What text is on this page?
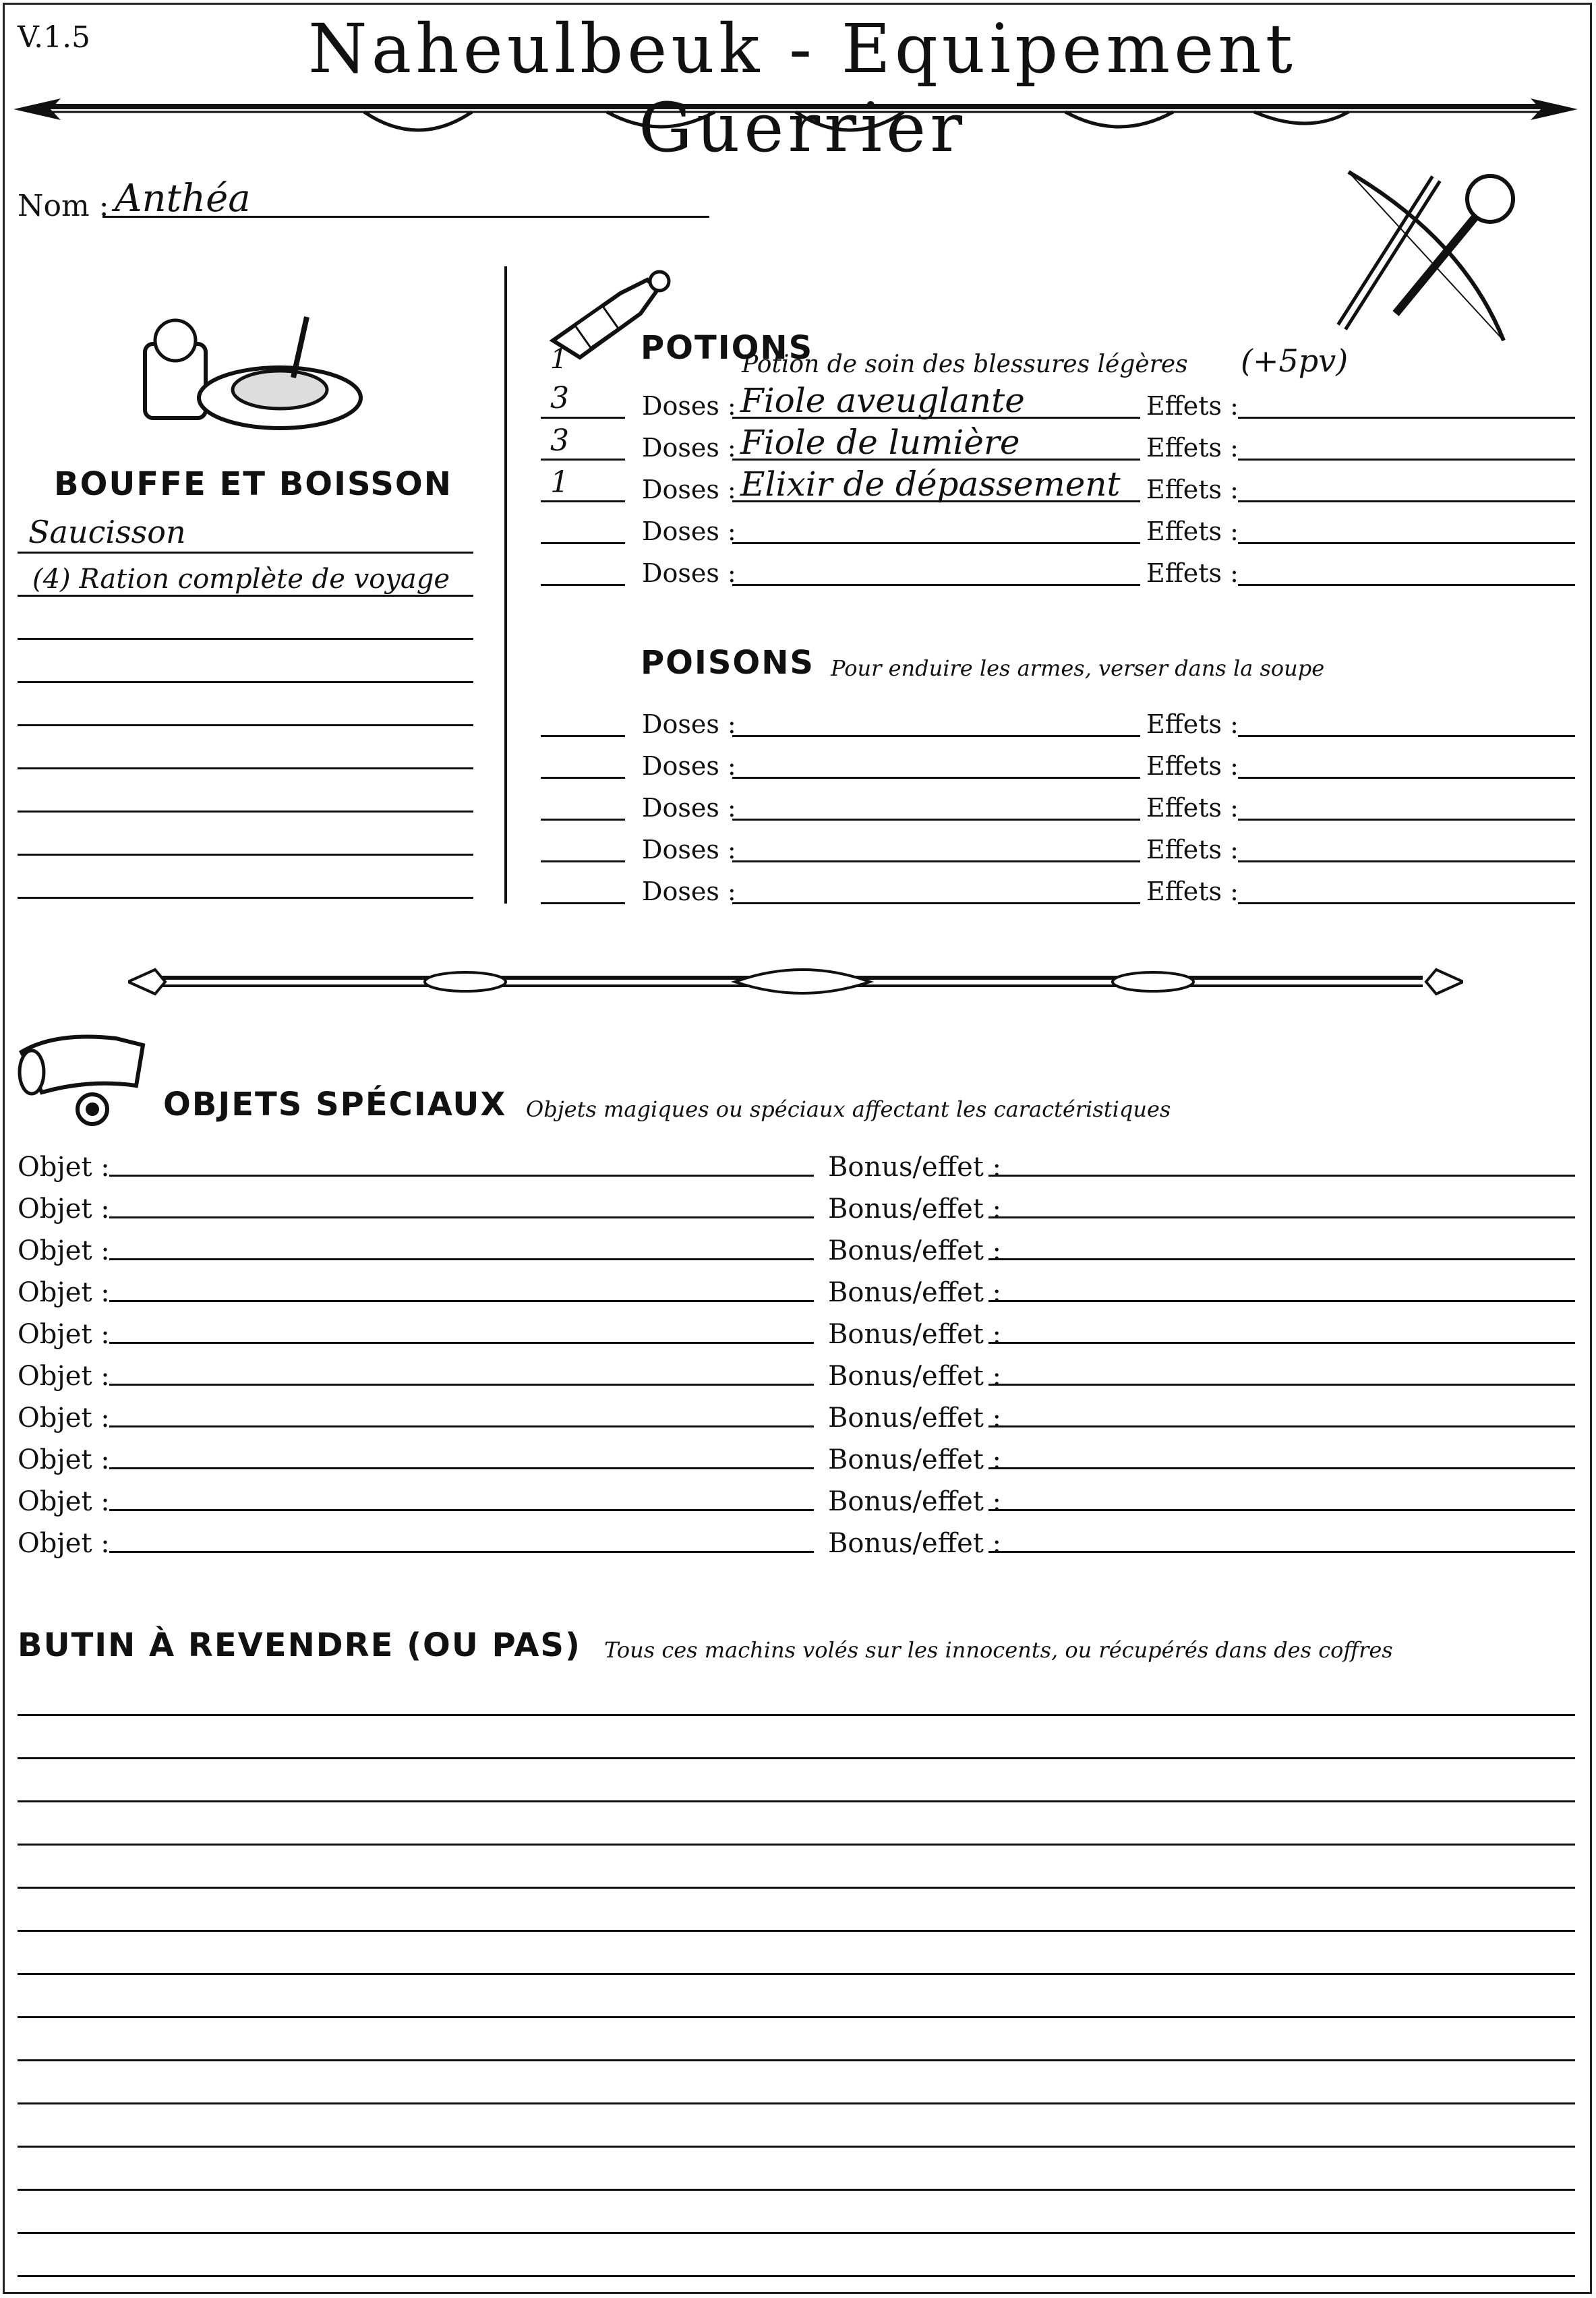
V.1.5	Naheulbeuk - Equipement Guerrier
Nom : Anthéa
BOUFFE ET BOISSON
Saucisson
(4) Ration complète de voyage
POTIONS
1	Potion de soin des blessures légères (+5pv)
3	Doses : Fiole aveuglante	Effets :
3	Doses : Fiole de lumière	Effets :
1	Doses : Elixir de dépassement Effets :
Doses :	Effets :
Doses :	Effets :
POISONS Pour enduire les armes, verser dans la soupe
Doses :	Effets :
Doses :	Effets :
Doses :	Effets :
Doses :	Effets :
Doses :	Effets :
OBJETS SPÉCIAUX Objets magiques ou spéciaux affectant les caractéristiques
Objet :	Bonus/effet :
Objet :	Bonus/effet :
Objet :	Bonus/effet :
Objet :	Bonus/effet :
Objet :	Bonus/effet :
Objet :	Bonus/effet :
Objet :	Bonus/effet :
Objet :	Bonus/effet :
Objet :	Bonus/effet :
Objet :	Bonus/effet :
BUTIN À REVENDRE (OU PAS) Tous ces machins volés sur les innocents, ou récupérés dans des coffres
